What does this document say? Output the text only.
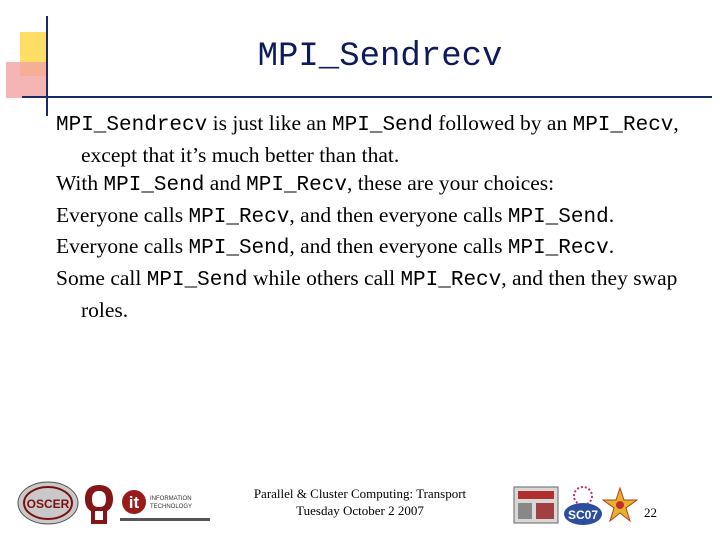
MPI_Sendrecv

MPI_Sendrecv is just like an MPI_Send followed by an MPI_Recv, except that it’s much better than that.

With MPI_Send and MPI_Recv, these are your choices:

Everyone calls MPI_Recv, and then everyone calls MPI_Send.

Everyone calls MPI_Send, and then everyone calls MPI_Recv.

Some call MPI_Send while others call MPI_Recv, and then they swap roles.

OSCER	it INFORMATION
TECHNOLOGY
Parallel & Cluster Computing: Transport
Tuesday October 2 2007	SC07	22
